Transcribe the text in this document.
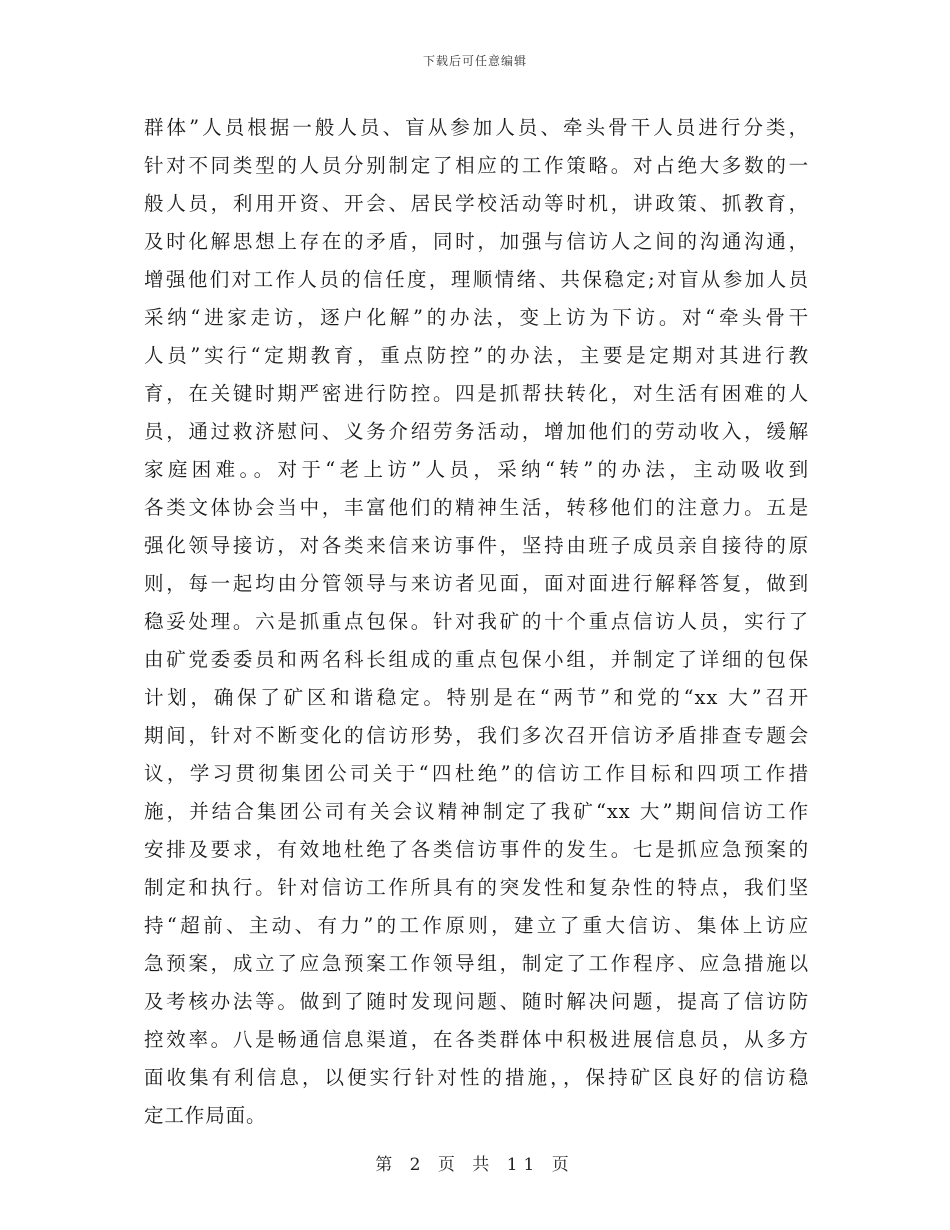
下载后可任意编辑
群体”人员根据一般人员、盲从参加人员、牵头骨干人员进行分类，
针对不同类型的人员分别制定了相应的工作策略。对占绝大多数的一
般人员，利用开资、开会、居民学校活动等时机，讲政策、抓教育，
及时化解思想上存在的矛盾，同时，加强与信访人之间的沟通沟通，
增强他们对工作人员的信任度，理顺情绪、共保稳定;对盲从参加人员
采纳“进家走访，逐户化解”的办法，变上访为下访。对“牵头骨干
人员”实行“定期教育，重点防控”的办法，主要是定期对其进行教
育，在关键时期严密进行防控。四是抓帮扶转化，对生活有困难的人
员，通过救济慰问、义务介绍劳务活动，增加他们的劳动收入，缓解
家庭困难。。对于“老上访”人员，采纳“转”的办法，主动吸收到
各类文体协会当中，丰富他们的精神生活，转移他们的注意力。五是
强化领导接访，对各类来信来访事件，坚持由班子成员亲自接待的原
则，每一起均由分管领导与来访者见面，面对面进行解释答复，做到
稳妥处理。六是抓重点包保。针对我矿的十个重点信访人员，实行了
由矿党委委员和两名科长组成的重点包保小组，并制定了详细的包保
计划，确保了矿区和谐稳定。特别是在“两节”和党的“xx 大”召开
期间，针对不断变化的信访形势，我们多次召开信访矛盾排查专题会
议，学习贯彻集团公司关于“四杜绝”的信访工作目标和四项工作措
施，并结合集团公司有关会议精神制定了我矿“xx 大”期间信访工作
安排及要求，有效地杜绝了各类信访事件的发生。七是抓应急预案的
制定和执行。针对信访工作所具有的突发性和复杂性的特点，我们坚
持“超前、主动、有力”的工作原则，建立了重大信访、集体上访应
急预案，成立了应急预案工作领导组，制定了工作程序、应急措施以
及考核办法等。做到了随时发现问题、随时解决问题，提高了信访防
控效率。八是畅通信息渠道，在各类群体中积极进展信息员，从多方
面收集有利信息，以便实行针对性的措施，，保持矿区良好的信访稳
定工作局面。
第 2 页 共 11 页
